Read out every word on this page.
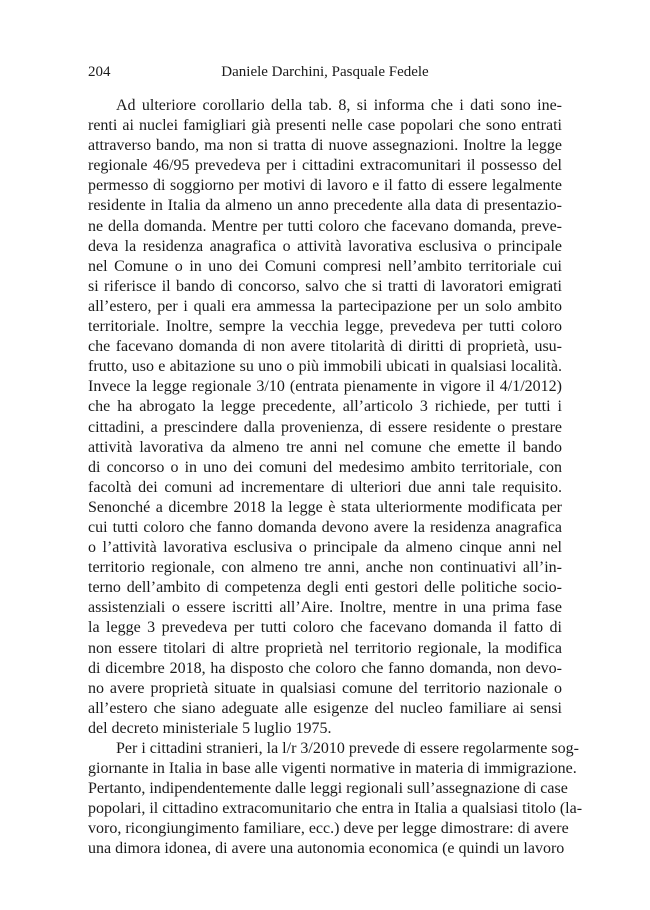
204	Daniele Darchini, Pasquale Fedele
Ad ulteriore corollario della tab. 8, si informa che i dati sono ine-
renti ai nuclei famigliari già presenti nelle case popolari che sono entrati
attraverso bando, ma non si tratta di nuove assegnazioni. Inoltre la legge
regionale 46/95 prevedeva per i cittadini extracomunitari il possesso del
permesso di soggiorno per motivi di lavoro e il fatto di essere legalmente
residente in Italia da almeno un anno precedente alla data di presentazio-
ne della domanda. Mentre per tutti coloro che facevano domanda, preve-
deva la residenza anagrafica o attività lavorativa esclusiva o principale
nel Comune o in uno dei Comuni compresi nell’ambito territoriale cui
si riferisce il bando di concorso, salvo che si tratti di lavoratori emigrati
all’estero, per i quali era ammessa la partecipazione per un solo ambito
territoriale. Inoltre, sempre la vecchia legge, prevedeva per tutti coloro
che facevano domanda di non avere titolarità di diritti di proprietà, usu-
frutto, uso e abitazione su uno o più immobili ubicati in qualsiasi località.
Invece la legge regionale 3/10 (entrata pienamente in vigore il 4/1/2012)
che ha abrogato la legge precedente, all’articolo 3 richiede, per tutti i
cittadini, a prescindere dalla provenienza, di essere residente o prestare
attività lavorativa da almeno tre anni nel comune che emette il bando
di concorso o in uno dei comuni del medesimo ambito territoriale, con
facoltà dei comuni ad incrementare di ulteriori due anni tale requisito.
Senonché a dicembre 2018 la legge è stata ulteriormente modificata per
cui tutti coloro che fanno domanda devono avere la residenza anagrafica
o l’attività lavorativa esclusiva o principale da almeno cinque anni nel
territorio regionale, con almeno tre anni, anche non continuativi all’in-
terno dell’ambito di competenza degli enti gestori delle politiche socio-
assistenziali o essere iscritti all’Aire. Inoltre, mentre in una prima fase
la legge 3 prevedeva per tutti coloro che facevano domanda il fatto di
non essere titolari di altre proprietà nel territorio regionale, la modifica
di dicembre 2018, ha disposto che coloro che fanno domanda, non devo-
no avere proprietà situate in qualsiasi comune del territorio nazionale o
all’estero che siano adeguate alle esigenze del nucleo familiare ai sensi
del decreto ministeriale 5 luglio 1975.
Per i cittadini stranieri, la l/r 3/2010 prevede di essere regolarmente sog-
giornante in Italia in base alle vigenti normative in materia di immigrazione.
Pertanto, indipendentemente dalle leggi regionali sull’assegnazione di case
popolari, il cittadino extracomunitario che entra in Italia a qualsiasi titolo (la-
voro, ricongiungimento familiare, ecc.) deve per legge dimostrare: di avere
una dimora idonea, di avere una autonomia economica (e quindi un lavoro
